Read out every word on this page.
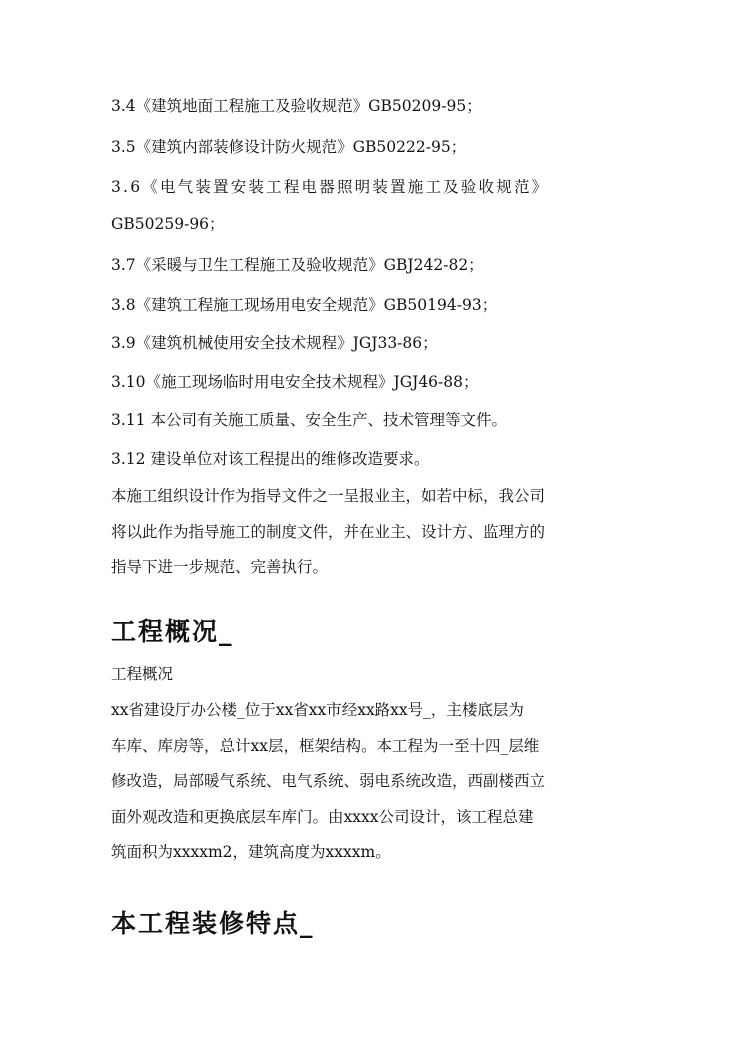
3.4《建筑地面工程施工及验收规范》GB50209-95；
3.5《建筑内部装修设计防火规范》GB50222-95；
3.6《电气装置安装工程电器照明装置施工及验收规范》
GB50259-96；
3.7《采暖与卫生工程施工及验收规范》GBJ242-82；
3.8《建筑工程施工现场用电安全规范》GB50194-93；
3.9《建筑机械使用安全技术规程》JGJ33-86；
3.10《施工现场临时用电安全技术规程》JGJ46-88；
3.11 本公司有关施工质量、安全生产、技术管理等文件。
3.12 建设单位对该工程提出的维修改造要求。
本施工组织设计作为指导文件之一呈报业主，如若中标，我公司
将以此作为指导施工的制度文件，并在业主、设计方、监理方的
指导下进一步规范、完善执行。
工程概况_
工程概况
xx省建设厅办公楼_位于xx省xx市经xx路xx号_，主楼底层为
车库、库房等，总计xx层，框架结构。本工程为一至十四_层维
修改造，局部暖气系统、电气系统、弱电系统改造，西副楼西立
面外观改造和更换底层车库门。由xxxx公司设计，该工程总建
筑面积为xxxxm2，建筑高度为xxxxm。
本工程装修特点_
